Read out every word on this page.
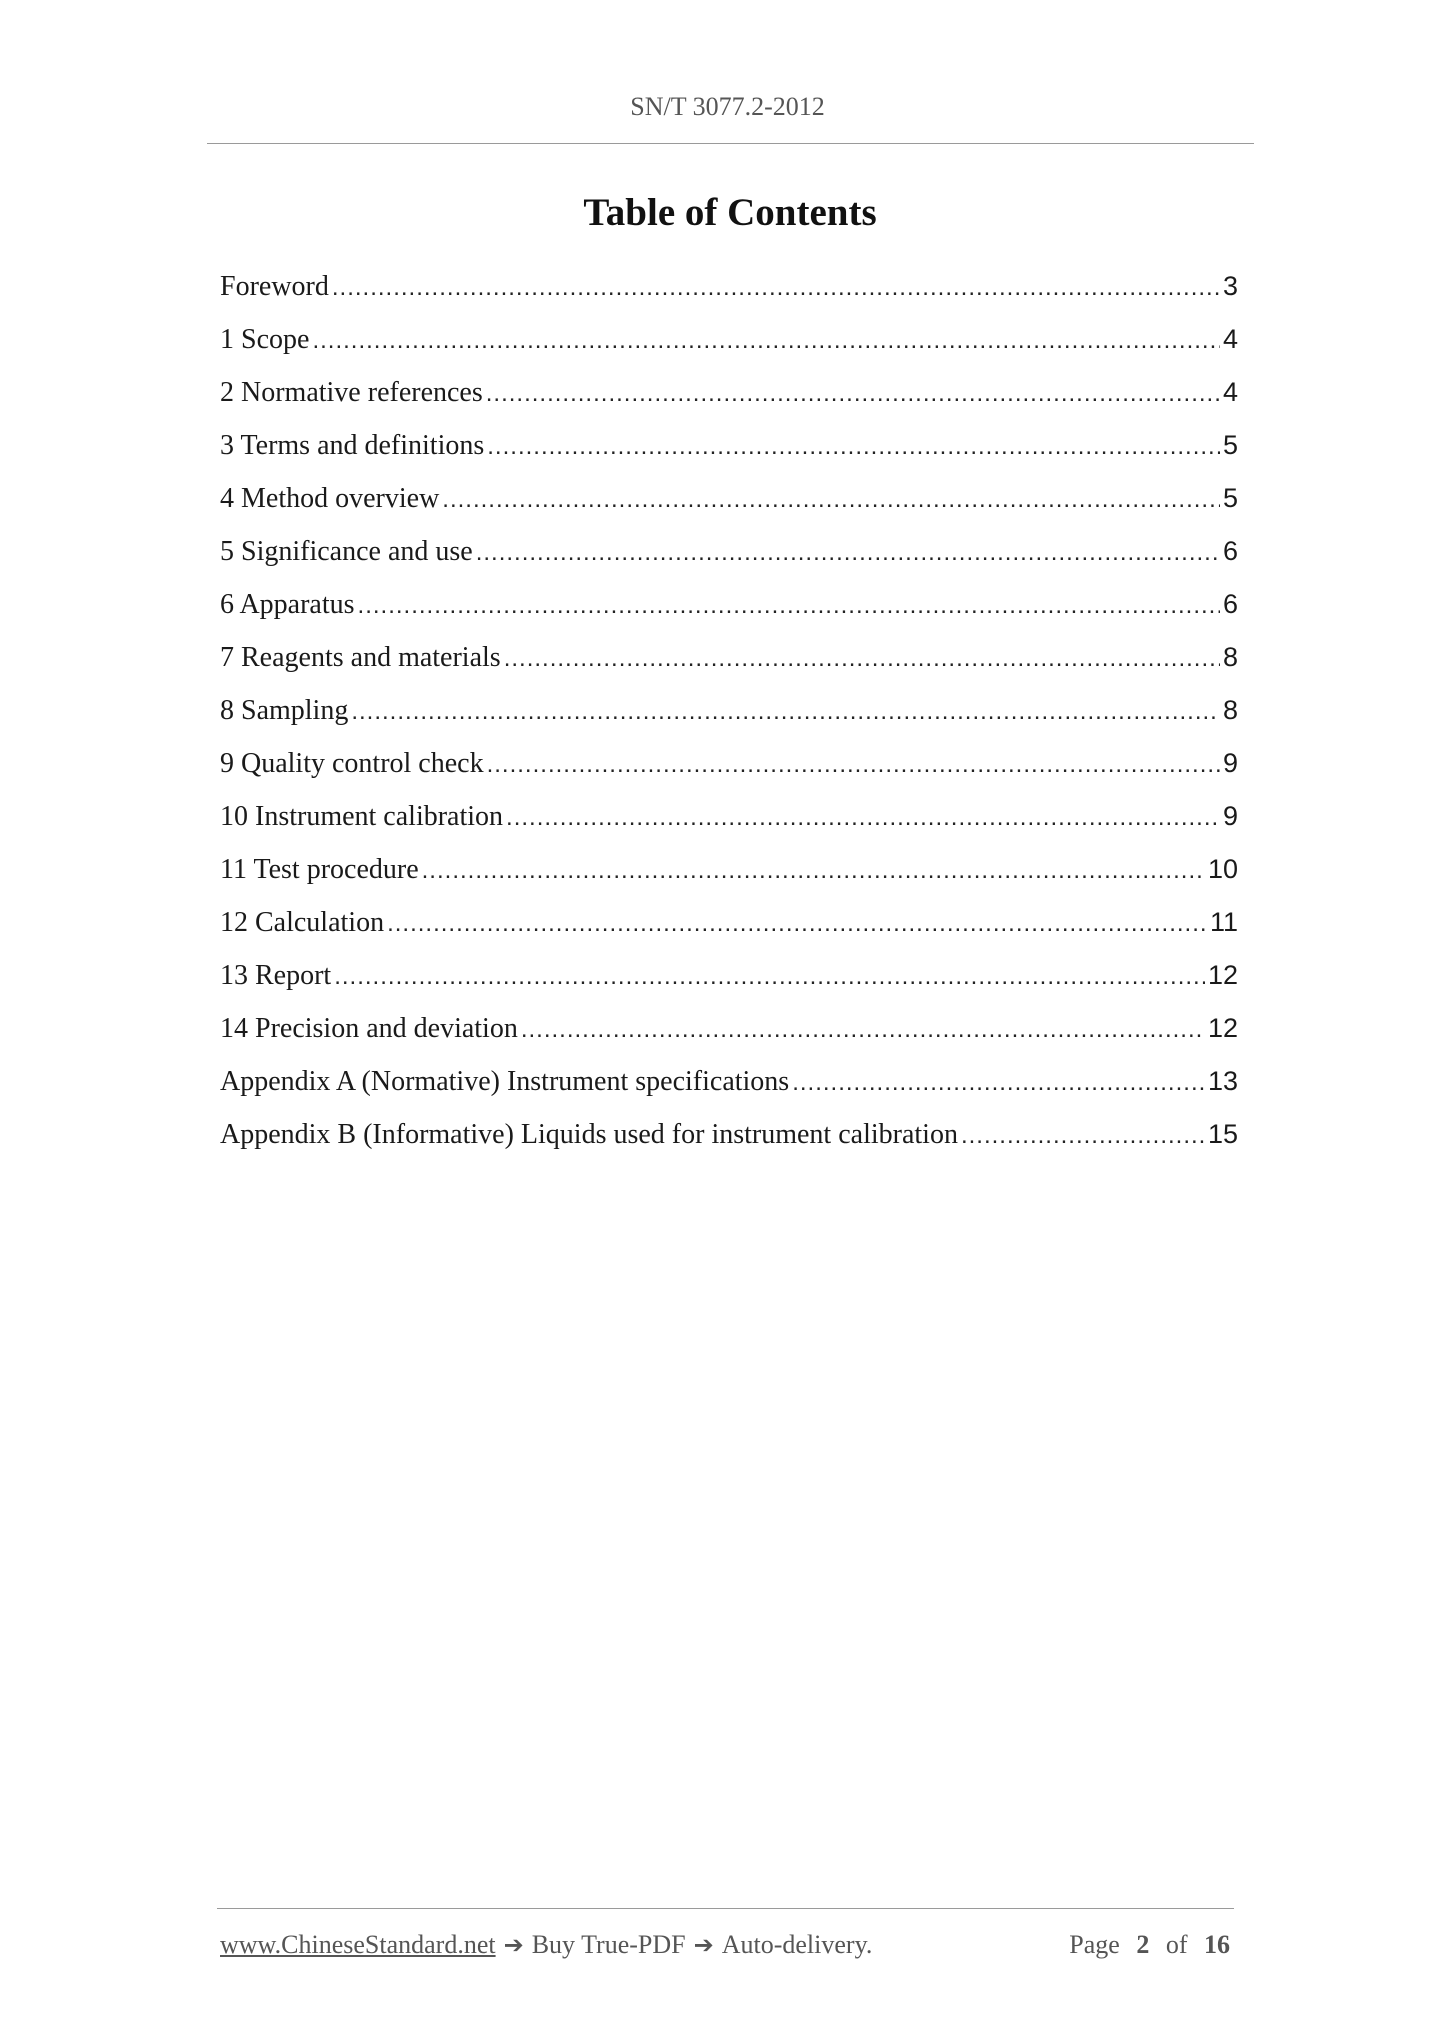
SN/T 3077.2-2012
Table of Contents
Foreword .....	3
1 Scope .....	4
2 Normative references .....	4
3 Terms and definitions .....	5
4 Method overview .....	5
5 Significance and use .....	6
6 Apparatus .....	6
7 Reagents and materials .....	8
8 Sampling .....	8
9 Quality control check .....	9
10 Instrument calibration .....	9
11 Test procedure .....	10
12 Calculation .....	11
13 Report .....	12
14 Precision and deviation .....	12
Appendix A (Normative) Instrument specifications .....	13
Appendix B (Informative) Liquids used for instrument calibration .....	15
www.ChineseStandard.net ➔ Buy True-PDF ➔ Auto-delivery.	Page 2 of 16
